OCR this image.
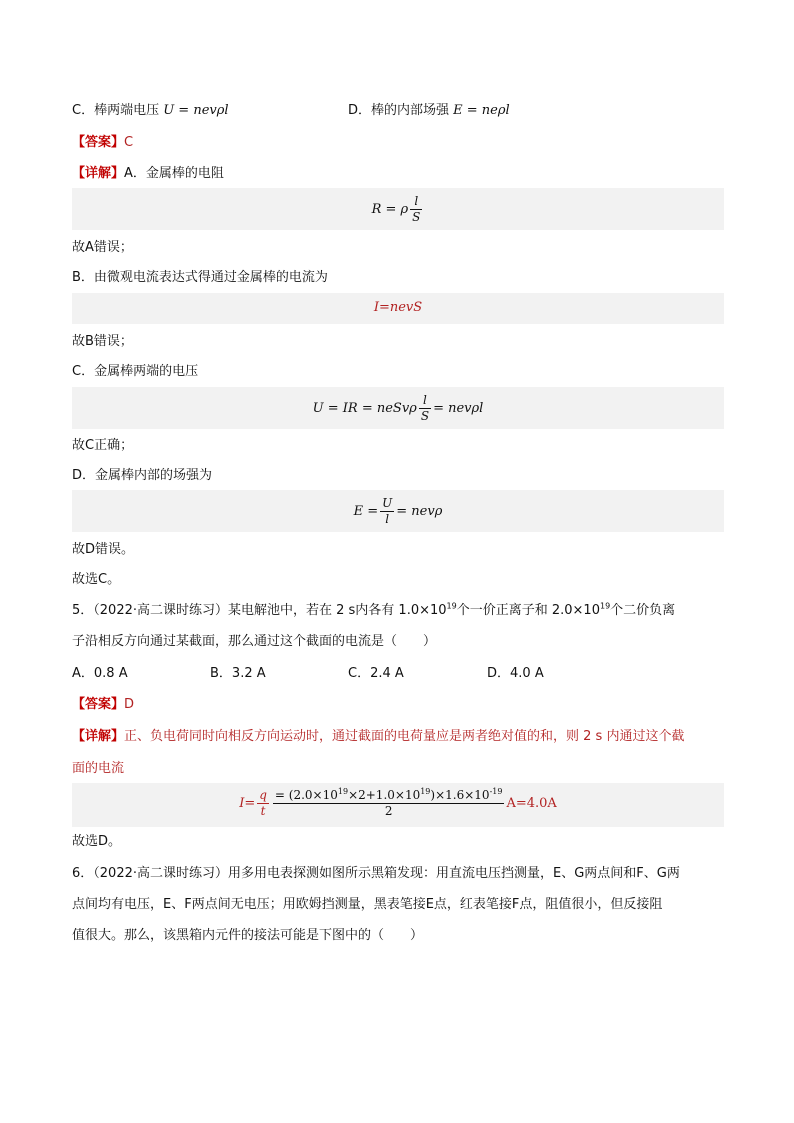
C．棒两端电压 U = nevρl	D．棒的内部场强 E = neρl
【答案】C
【详解】A．金属棒的电阻
R = ρ $\frac{l}{S}$
故A错误；
B．由微观电流表达式得通过金属棒的电流为
I=nevS
故B错误；
C．金属棒两端的电压
U = IR = neSvρ $\frac{l}{S} = nev\rho l$
故C正确；
D．金属棒内部的场强为
$E = \frac{U}{l} = nev\rho$
故D错误。
故选C。
5．（2022·高二课时练习）某电解池中，若在 2 s内各有 $1.0\times 10^{19}$个一价正离子和 $2.0\times 10^{19}$个二价负离
子沿相反方向通过某截面，那么通过这个截面的电流是（　　）
A．0.8 A	B．3.2 A	C．2.4 A	D．4.0 A
【答案】D
【详解】正、负电荷同时向相反方向运动时，通过截面的电荷量应是两者绝对值的和，则 2 s 内通过这个截
面的电流
$I= \frac{q}{t} \frac{= (2.0\times 10^{19}\times 2+1.0\times 10^{19})\times 1.6\times 10^{-19}}{2} A=4.0A$
故选D。
6．（2022·高二课时练习）用多用电表探测如图所示黑箱发现：用直流电压挡测量，E、G两点间和F、G两
点间均有电压，E、F两点间无电压；用欧姆挡测量，黑表笔接E点，红表笔接F点，阻值很小，但反接阻
值很大。那么，该黑箱内元件的接法可能是下图中的（　　）
